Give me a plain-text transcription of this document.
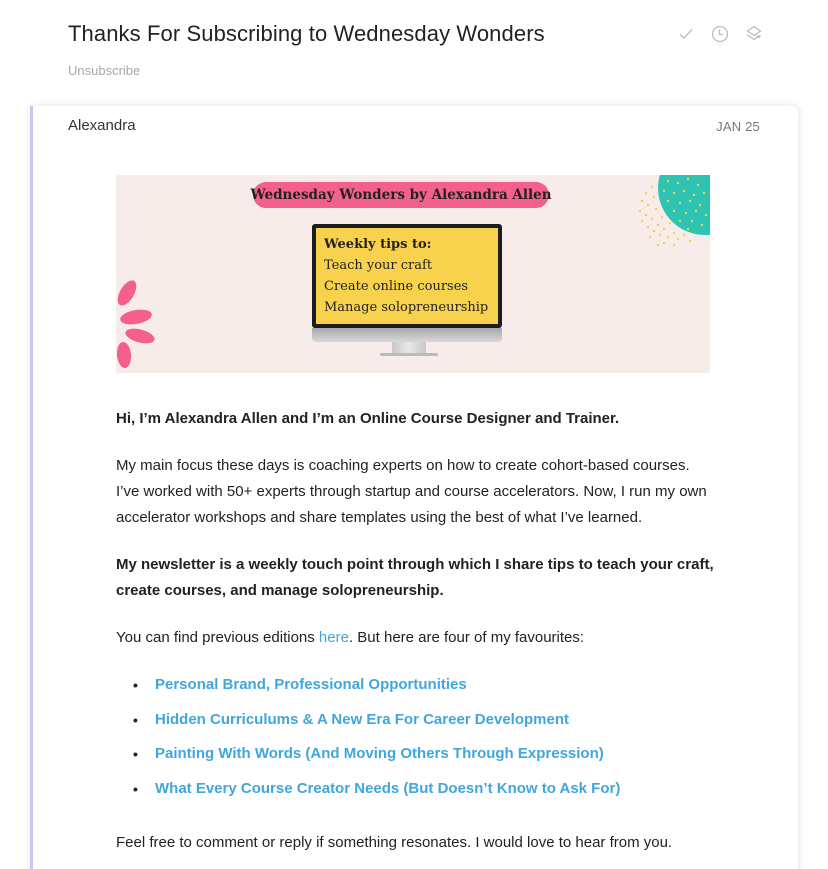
Thanks For Subscribing to Wednesday Wonders
Unsubscribe
Alexandra	JAN 25
Wednesday Wonders by Alexandra Allen
Weekly tips to:
Teach your craft
Create online courses
Manage solopreneurship

Hi, I’m Alexandra Allen and I’m an Online Course Designer and Trainer.

My main focus these days is coaching experts on how to create cohort-based courses. I’ve worked with 50+ experts through startup and course accelerators. Now, I run my own accelerator workshops and share templates using the best of what I’ve learned.

My newsletter is a weekly touch point through which I share tips to teach your craft, create courses, and manage solopreneurship.

You can find previous editions here. But here are four of my favourites:

• Personal Brand, Professional Opportunities
• Hidden Curriculums & A New Era For Career Development
• Painting With Words (And Moving Others Through Expression)
• What Every Course Creator Needs (But Doesn’t Know to Ask For)

Feel free to comment or reply if something resonates. I would love to hear from you.
